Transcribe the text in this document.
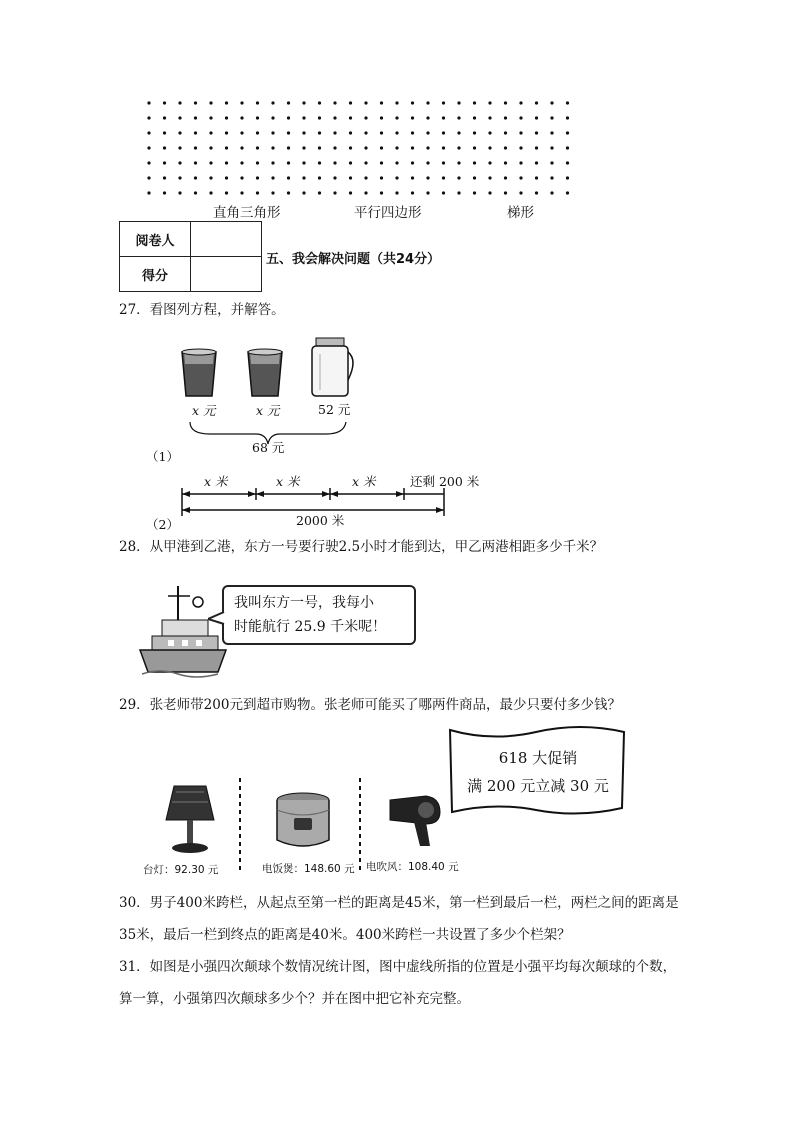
直角三角形	平行四边形	梯形
阅卷人	
得分	
五、我会解决问题（共24分）
27．看图列方程，并解答。
x 元	x 元	52 元
68 元
（1）
x 米	x 米	x 米	还剩 200 米
2000 米
（2）
28．从甲港到乙港，东方一号要行驶2.5小时才能到达，甲乙两港相距多少千米？
我叫东方一号，我每小
时能航行 25.9 千米呢！
29．张老师带200元到超市购物。张老师可能买了哪两件商品，最少只要付多少钱？
618 大促销
满 200 元立减 30 元
台灯：92.30 元	电饭煲：148.60 元 电吹风：108.40 元
30．男子400米跨栏，从起点至第一栏的距离是45米，第一栏到最后一栏，两栏之间的距离是35米，最后一栏到终点的距离是40米。400米跨栏一共设置了多少个栏架？
31．如图是小强四次颠球个数情况统计图，图中虚线所指的位置是小强平均每次颠球的个数，算一算，小强第四次颠球多少个？并在图中把它补充完整。
